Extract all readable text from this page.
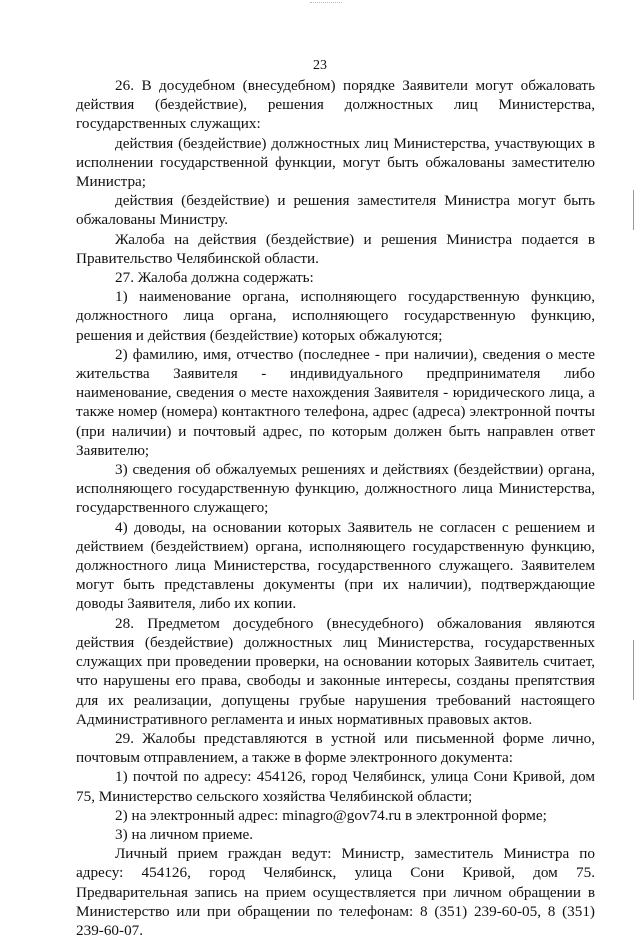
23

26. В досудебном (внесудебном) порядке Заявители могут обжаловать действия (бездействие), решения должностных лиц Министерства, государственных служащих:

действия (бездействие) должностных лиц Министерства, участвующих в исполнении государственной функции, могут быть обжалованы заместителю Министра;

действия (бездействие) и решения заместителя Министра могут быть обжалованы Министру.

Жалоба на действия (бездействие) и решения Министра подается в Правительство Челябинской области.

27. Жалоба должна содержать:

1) наименование органа, исполняющего государственную функцию, должностного лица органа, исполняющего государственную функцию, решения и действия (бездействие) которых обжалуются;

2) фамилию, имя, отчество (последнее - при наличии), сведения о месте жительства Заявителя - индивидуального предпринимателя либо наименование, сведения о месте нахождения Заявителя - юридического лица, а также номер (номера) контактного телефона, адрес (адреса) электронной почты (при наличии) и почтовый адрес, по которым должен быть направлен ответ Заявителю;

3) сведения об обжалуемых решениях и действиях (бездействии) органа, исполняющего государственную функцию, должностного лица Министерства, государственного служащего;

4) доводы, на основании которых Заявитель не согласен с решением и действием (бездействием) органа, исполняющего государственную функцию, должностного лица Министерства, государственного служащего. Заявителем могут быть представлены документы (при их наличии), подтверждающие доводы Заявителя, либо их копии.

28. Предметом досудебного (внесудебного) обжалования являются действия (бездействие) должностных лиц Министерства, государственных служащих при проведении проверки, на основании которых Заявитель считает, что нарушены его права, свободы и законные интересы, созданы препятствия для их реализации, допущены грубые нарушения требований настоящего Административного регламента и иных нормативных правовых актов.

29. Жалобы представляются в устной или письменной форме лично, почтовым отправлением, а также в форме электронного документа:

1) почтой по адресу: 454126, город Челябинск, улица Сони Кривой, дом 75, Министерство сельского хозяйства Челябинской области;

2) на электронный адрес: minagro@gov74.ru в электронной форме;

3) на личном приеме.

Личный прием граждан ведут: Министр, заместитель Министра по адресу: 454126, город Челябинск, улица Сони Кривой, дом 75. Предварительная запись на прием осуществляется при личном обращении в Министерство или при обращении по телефонам: 8 (351) 239-60-05, 8 (351) 239-60-07.
